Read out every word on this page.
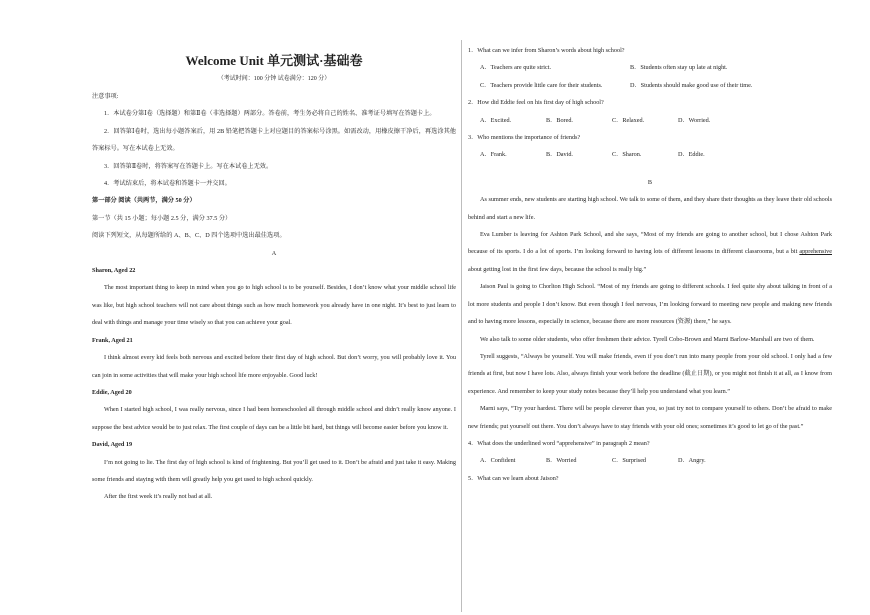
Welcome Unit 单元测试·基础卷
（考试时间：100 分钟 试卷满分：120 分）

注意事项:

1．本试卷分第Ⅰ卷（选择题）和第Ⅱ卷（非选择题）两部分。答卷前，考生务必将自己的姓名、准考证号填写在答题卡上。

2．回答第Ⅰ卷时，选出每小题答案后，用 2B 铅笔把答题卡上对应题目的答案标号涂黑。如需改动，用橡皮擦干净后，再选涂其他答案标号。写在本试卷上无效。

3．回答第Ⅱ卷时，将答案写在答题卡上。写在本试卷上无效。

4．考试结束后，将本试卷和答题卡一并交回。

第一部分 阅读（共两节，满分 50 分）

第一节（共 15 小题；每小题 2.5 分，满分 37.5 分）

阅读下列短文，从每题所给的 A、B、C、D 四个选项中选出最佳选项。

A

Sharon, Aged 22

The most important thing to keep in mind when you go to high school is to be yourself. Besides, I don’t know what your middle school life was like, but high school teachers will not care about things such as how much homework you already have in one night. It’s best to just learn to deal with things and manage your time wisely so that you can achieve your goal.

Frank, Aged 21

I think almost every kid feels both nervous and excited before their first day of high school. But don’t worry, you will probably love it. You can join in some activities that will make your high school life more enjoyable. Good luck!

Eddie, Aged 20

When I started high school, I was really nervous, since I had been homeschooled all through middle school and didn’t really know anyone. I suppose the best advice would be to just relax. The first couple of days can be a little bit hard, but things will become easier before you know it.

David, Aged 19

I’m not going to lie. The first day of high school is kind of frightening. But you’ll get used to it. Don’t be afraid and just take it easy. Making some friends and staying with them will greatly help you get used to high school quickly.

After the first week it’s really not bad at all.

1．What can we infer from Sharon’s words about high school?

A．Teachers are quite strict.	B．Students often stay up late at night.
C．Teachers provide little care for their students.	D．Students should make good use of their time.

2．How did Eddie feel on his first day of high school?

A．Excited.	B．Bored.	C．Relaxed.	D．Worried.

3．Who mentions the importance of friends?

A．Frank.	B．David.	C．Sharon.	D．Eddie.

B

As summer ends, new students are starting high school. We talk to some of them, and they share their thoughts as they leave their old schools behind and start a new life.

Eva Lumber is leaving for Ashton Park School, and she says, “Most of my friends are going to another school, but I chose Ashton Park because of its sports. I do a lot of sports. I’m looking forward to having lots of different lessons in different classrooms, but a bit apprehensive about getting lost in the first few days, because the school is really big.”

Jaison Paul is going to Chorlton High School. “Most of my friends are going to different schools. I feel quite shy about talking in front of a lot more students and people I don’t know. But even though I feel nervous, I’m looking forward to meeting new people and making new friends and to having more lessons, especially in science, because there are more resources (资源) there,” he says.

We also talk to some older students, who offer freshmen their advice. Tyrell Cobo-Brown and Marni Barlow-Marshall are two of them.

Tyrell suggests, “Always be yourself. You will make friends, even if you don’t run into many people from your old school. I only had a few friends at first, but now I have lots. Also, always finish your work before the deadline (截止日期), or you might not finish it at all, as I know from experience. And remember to keep your study notes because they’ll help you understand what you learn.”

Marni says, “Try your hardest. There will be people cleverer than you, so just try not to compare yourself to others. Don’t be afraid to make new friends; put yourself out there. You don’t always have to stay friends with your old ones; sometimes it’s good to let go of the past.”

4．What does the underlined word “apprehensive” in paragraph 2 mean?

A．Confident	B．Worried	C．Surprised	D．Angry.

5．What can we learn about Jaison?
